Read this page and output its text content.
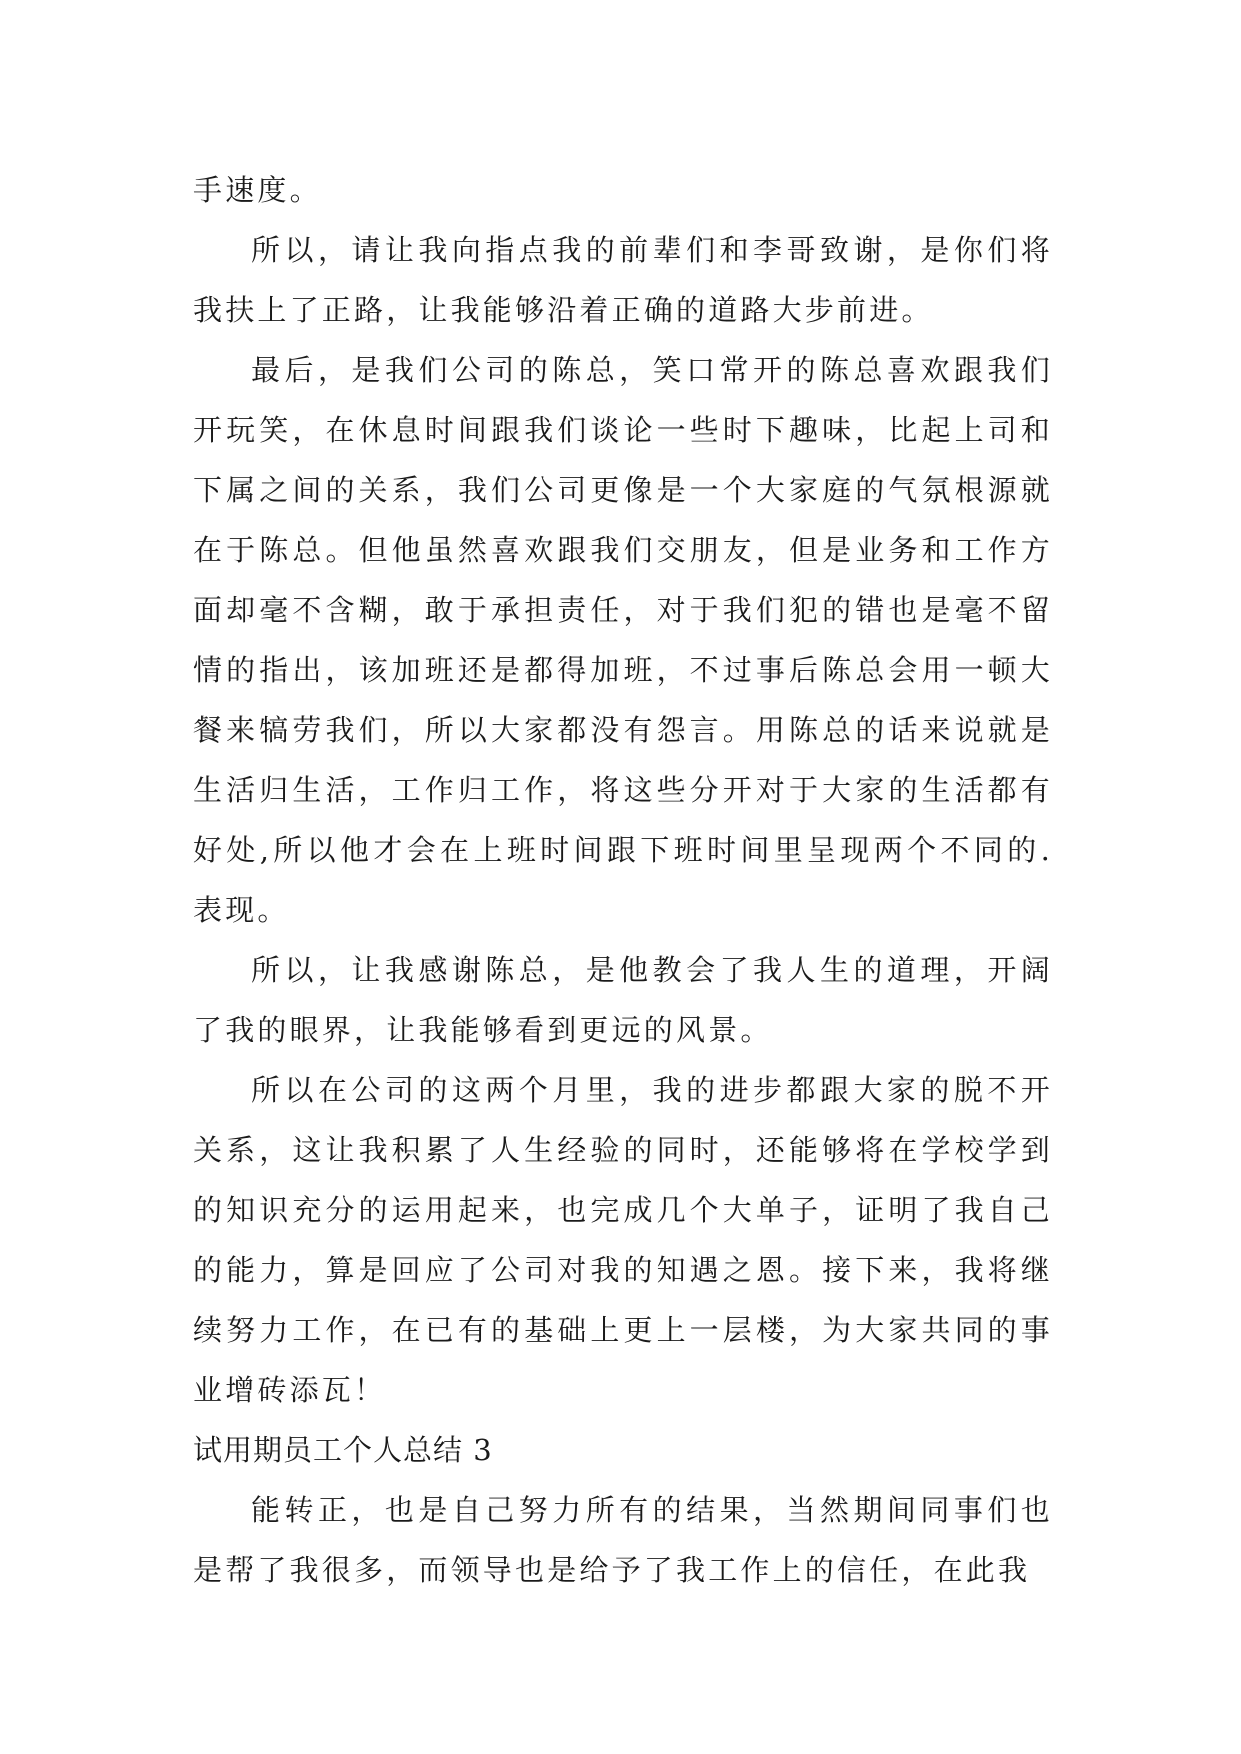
手速度。

所以，请让我向指点我的前辈们和李哥致谢，是你们将我扶上了正路，让我能够沿着正确的道路大步前进。

最后，是我们公司的陈总，笑口常开的陈总喜欢跟我们开玩笑，在休息时间跟我们谈论一些时下趣味，比起上司和下属之间的关系，我们公司更像是一个大家庭的气氛根源就在于陈总。但他虽然喜欢跟我们交朋友，但是业务和工作方面却毫不含糊，敢于承担责任，对于我们犯的错也是毫不留情的指出，该加班还是都得加班，不过事后陈总会用一顿大餐来犒劳我们，所以大家都没有怨言。用陈总的话来说就是生活归生活，工作归工作，将这些分开对于大家的生活都有好处,所以他才会在上班时间跟下班时间里呈现两个不同的.表现。

所以，让我感谢陈总，是他教会了我人生的道理，开阔了我的眼界，让我能够看到更远的风景。

所以在公司的这两个月里，我的进步都跟大家的脱不开关系，这让我积累了人生经验的同时，还能够将在学校学到的知识充分的运用起来，也完成几个大单子，证明了我自己的能力，算是回应了公司对我的知遇之恩。接下来，我将继续努力工作，在已有的基础上更上一层楼，为大家共同的事业增砖添瓦！

试用期员工个人总结 3

能转正，也是自己努力所有的结果，当然期间同事们也是帮了我很多，而领导也是给予了我工作上的信任，在此我
